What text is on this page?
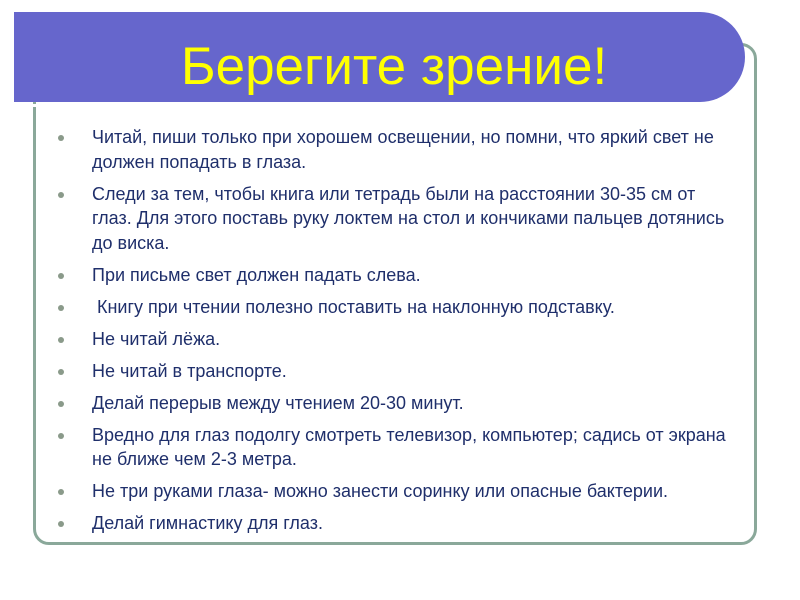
Берегите зрение!
Читай, пиши только при хорошем освещении, но помни, что яркий свет не должен попадать в глаза.
Следи за тем, чтобы книга или тетрадь были на расстоянии 30-35 см от глаз. Для этого поставь руку локтем на стол и кончиками пальцев дотянись до виска.
При письме свет должен падать слева.
Книгу при чтении полезно поставить на наклонную подставку.
Не читай лёжа.
Не читай в транспорте.
Делай перерыв между чтением 20-30 минут.
Вредно для глаз подолгу смотреть телевизор, компьютер; садись от экрана не ближе чем 2-3 метра.
Не три руками глаза- можно занести соринку или опасные бактерии.
Делай гимнастику для глаз.
